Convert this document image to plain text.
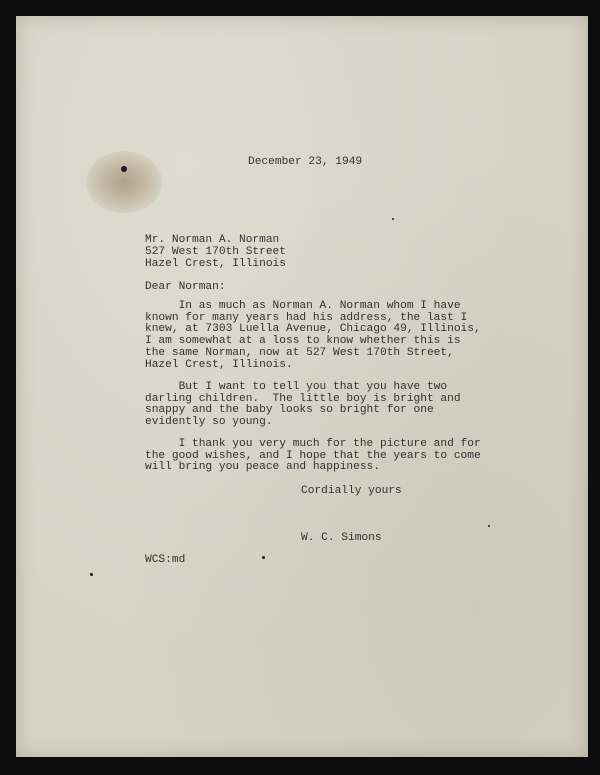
December 23, 1949

Mr. Norman A. Norman

527 West 170th Street

Hazel Crest, Illinois

Dear Norman:

In as much as Norman A. Norman whom I have
known for many years had his address, the last I
knew, at 7303 Luella Avenue, Chicago 49, Illinois,
I am somewhat at a loss to know whether this is
the same Norman, now at 527 West 170th Street,
Hazel Crest, Illinois.
But I want to tell you that you have two
darling children.  The little boy is bright and
snappy and the baby looks so bright for one
evidently so young.
I thank you very much for the picture and for
the good wishes, and I hope that the years to come
will bring you peace and happiness.

Cordially yours

W. C. Simons

WCS:md
